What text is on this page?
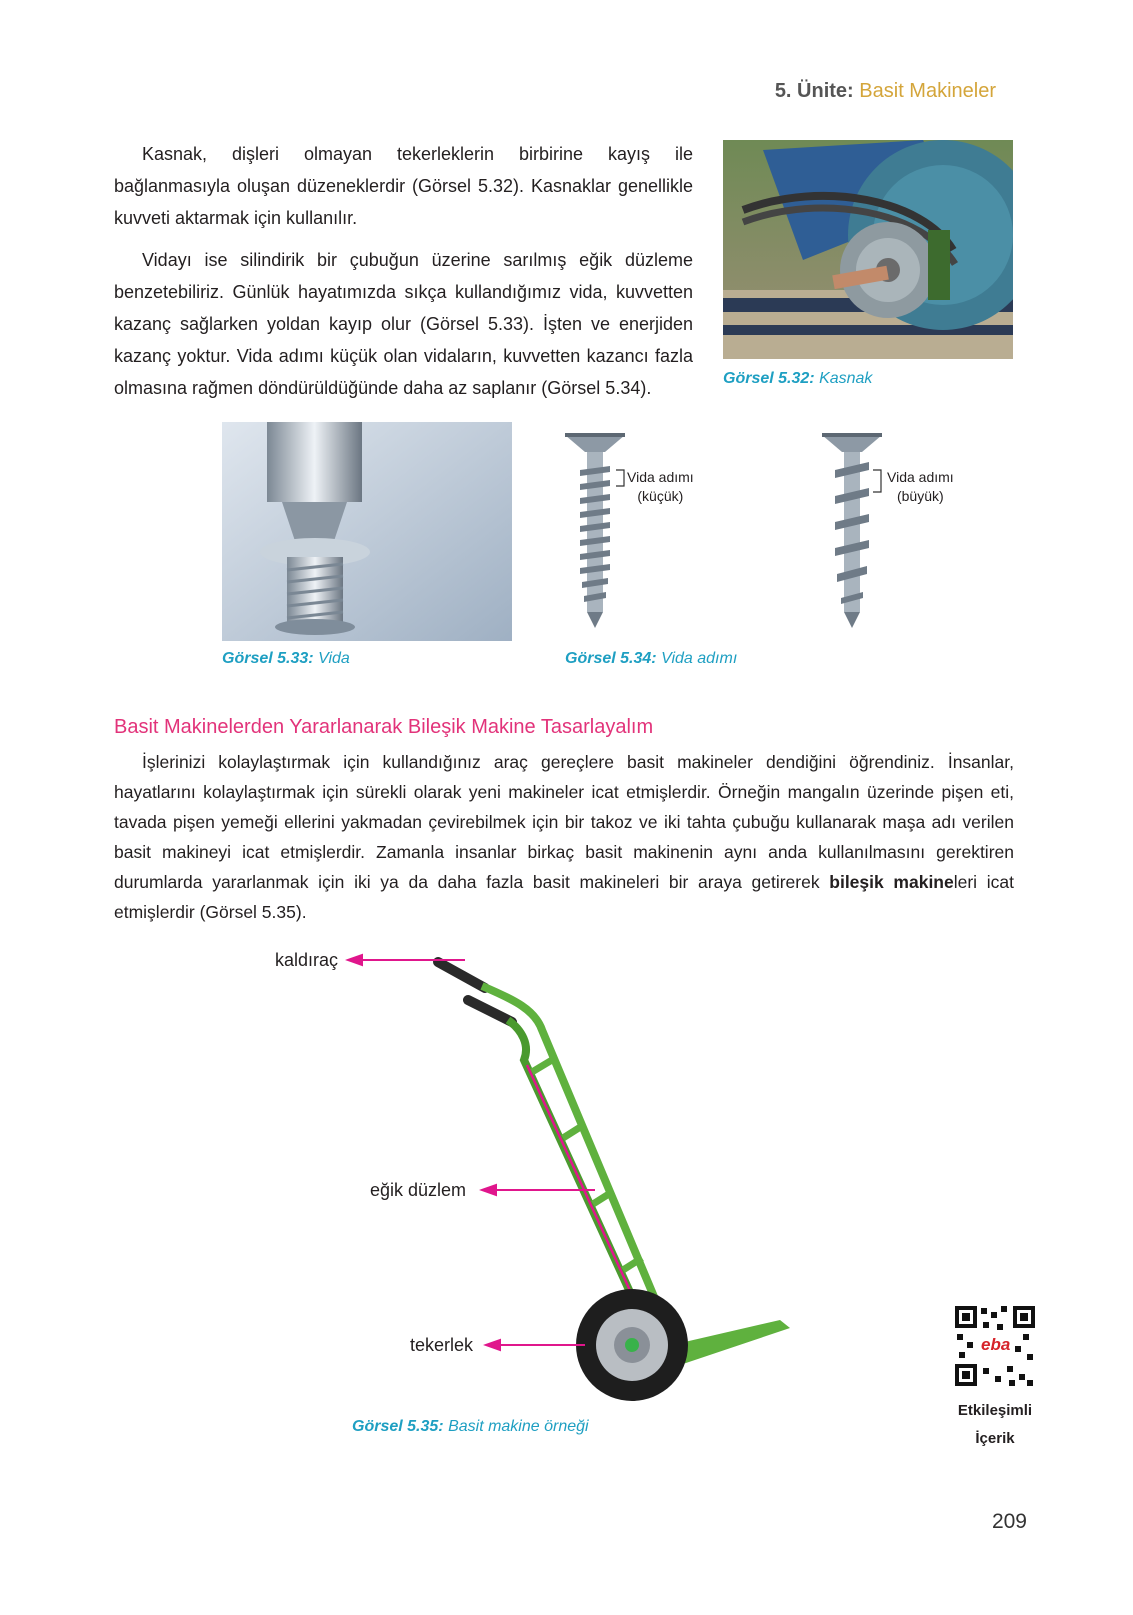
5. Ünite: Basit Makineler

Kasnak, dişleri olmayan tekerleklerin birbirine kayış ile bağlanmasıyla oluşan düzeneklerdir (Görsel 5.32). Kasnaklar genellikle kuvveti aktarmak için kullanılır.

Vidayı ise silindirik bir çubuğun üzerine sarılmış eğik düzleme benzetebiliriz. Günlük hayatımızda sıkça kullandığımız vida, kuvvetten kazanç sağlarken yoldan kayıp olur (Görsel 5.33). İşten ve enerjiden kazanç yoktur. Vida adımı küçük olan vidaların, kuvvetten kazancı fazla olmasına rağmen döndürüldüğünde daha az saplanır (Görsel 5.34).	Görsel 5.32: Kasnak
Görsel 5.33: Vida
Vida adımı
(küçük)
Vida adımı
(büyük)
Görsel 5.34: Vida adımı
Basit Makinelerden Yararlanarak Bileşik Makine Tasarlayalım

İşlerinizi kolaylaştırmak için kullandığınız araç gereçlere basit makineler dendiğini öğrendiniz. İnsanlar, hayatlarını kolaylaştırmak için sürekli olarak yeni makineler icat etmişlerdir. Örneğin mangalın üzerinde pişen eti, tavada pişen yemeği ellerini yakmadan çevirebilmek için bir takoz ve iki tahta çubuğu kullanarak maşa adı verilen basit makineyi icat etmişlerdir. Zamanla insanlar birkaç basit makinenin aynı anda kullanılmasını gerektiren durumlarda yararlanmak için iki ya da daha fazla basit makineleri bir araya getirerek bileşik makineleri icat etmişlerdir (Görsel 5.35).

kaldıraç
eğik düzlem
tekerlek
Görsel 5.35: Basit makine örneği
eba
Etkileşimli
İçerik
209
